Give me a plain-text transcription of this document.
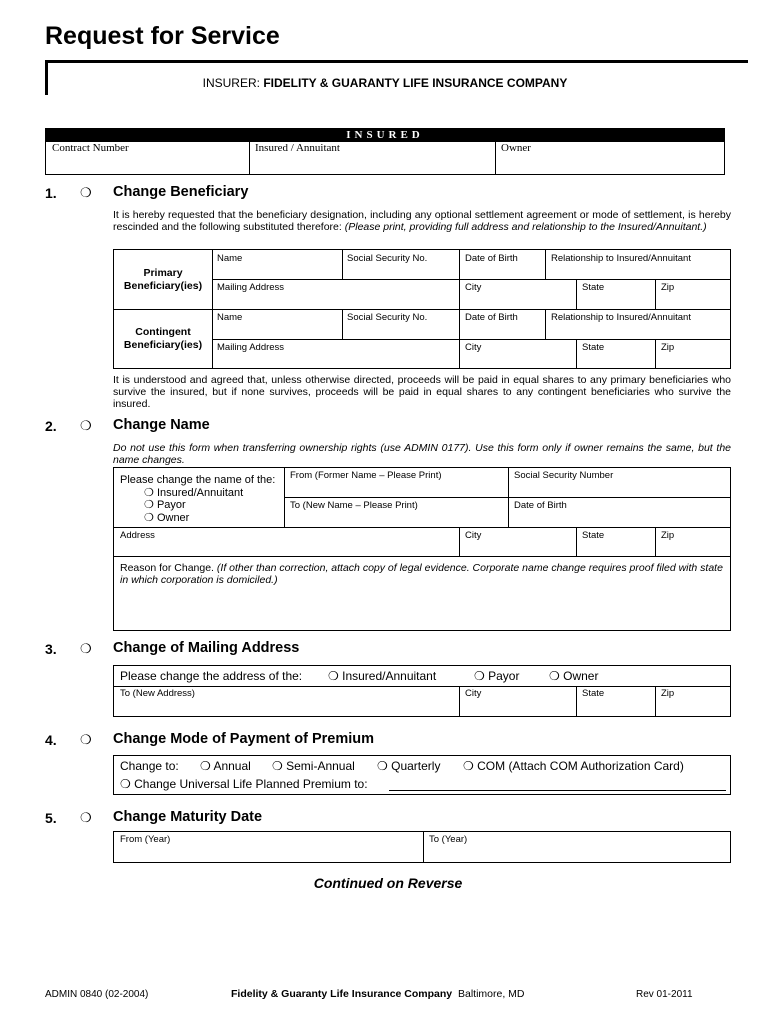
Request for Service
INSURER: FIDELITY & GUARANTY LIFE INSURANCE COMPANY
INSURED
Contract Number	Insured / Annuitant	Owner
1. ❍ Change Beneficiary
It is hereby requested that the beneficiary designation, including any optional settlement agreement or mode of settlement, is hereby rescinded and the following substituted therefore: (Please print, providing full address and relationship to the Insured/Annuitant.)
Primary
Beneficiary(ies)
Name	Social Security No.	Date of Birth	Relationship to Insured/Annuitant
Mailing Address	City	State	Zip
Contingent
Beneficiary(ies)
Name	Social Security No.	Date of Birth	Relationship to Insured/Annuitant
Mailing Address	City	State	Zip
It is understood and agreed that, unless otherwise directed, proceeds will be paid in equal shares to any primary beneficiaries who survive the insured, but if none survives, proceeds will be paid in equal shares to any contingent beneficiaries who survive the insured.
2. ❍ Change Name
Do not use this form when transferring ownership rights (use ADMIN 0177). Use this form only if owner remains the same, but the name changes.
Please change the name of the:
❍ Insured/Annuitant
❍ Payor
❍ Owner
From (Former Name – Please Print)	Social Security Number
To (New Name – Please Print)	Date of Birth
Address	City	State	Zip
Reason for Change. (If other than correction, attach copy of legal evidence. Corporate name change requires proof filed with state in which corporation is domiciled.)
3. ❍ Change of Mailing Address
Please change the address of the: ❍ Insured/Annuitant	❍ Payor ❍ Owner
To (New Address)	City	State	Zip
4. ❍ Change Mode of Payment of Premium
Change to: ❍ Annual ❍ Semi-Annual ❍ Quarterly ❍ COM (Attach COM Authorization Card)
❍ Change Universal Life Planned Premium to:
5. ❍ Change Maturity Date
From (Year)	To (Year)
Continued on Reverse
ADMIN 0840 (02-2004)	Fidelity & Guaranty Life Insurance Company Baltimore, MD	Rev 01-2011
